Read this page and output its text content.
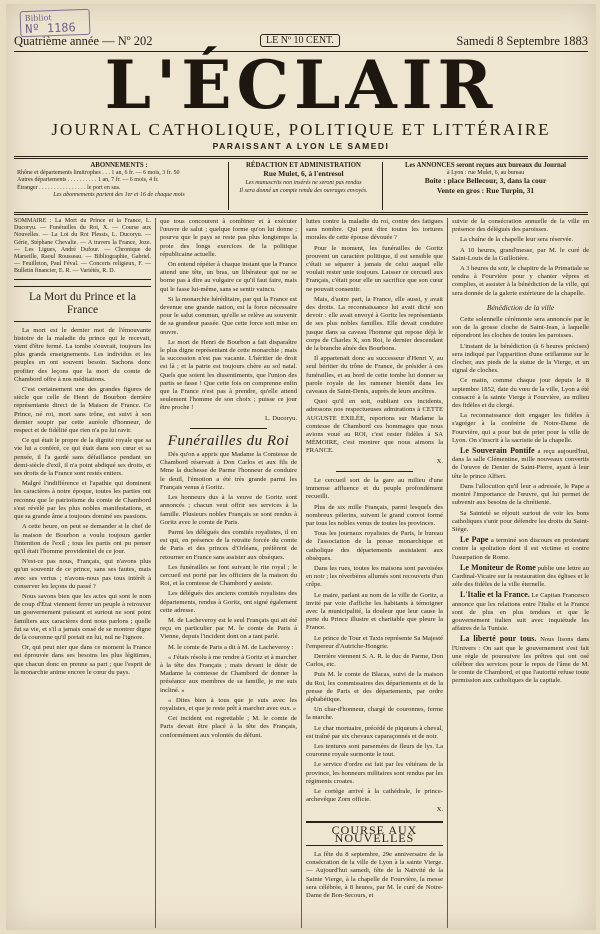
Bibliot
Nº 1186
Quatrième année — Nº 202	LE Nº 10 CENT.	Samedi 8 Septembre 1883
L'ÉCLAIR
JOURNAL CATHOLIQUE, POLITIQUE ET LITTÉRAIRE
PARAISSANT A LYON LE SAMEDI
ABONNEMENTS :
Rhône et départements limitrophes . . . 1 an, 6 fr. — 6 mois, 3 fr. 50
Autres départements . . . . . . . . . . 1 an, 7 fr. — 6 mois, 4 fr.
Étranger . . . . . . . . . . . . . . . . le port en sus.
Les abonnements partent des 1er et 16 de chaque mois
RÉDACTION ET ADMINISTRATION
Rue Mulet, 6, à l'entresol
Les manuscrits non insérés ne seront pas rendus
Il sera donné un compte rendu des ouvrages envoyés.
Les ANNONCES seront reçues aux bureaux du Journal
à Lyon : rue Mulet, 6, au bureau
Boite : place Bellecour, 3, dans la cour
Vente en gros : Rue Turpin, 31
SOMMAIRE : La Mort du Prince et la France, L. Ducoryu. — Funérailles du Roi, X. — Course aux Nouvelles. — La Loi du Roi Plessis, L. Ducoryu. — Gérie, Stéphane Chevalie. — A travers la France, Joze. — Les Ligues, André Dufour. — Chronique de Marseille, Raoul Rousseau. — Bibliographie, Gabriel. — Feuilleton, Paul Féval. — Concerts religieux, F. — Bulletin financier, E. R. — Variétés, R. D.
La Mort du Prince et la France

La mort est le dernier mot de l'émouvante histoire de la maladie du prince qui le recevait, vient d'être fermé. La tombe s'ouvrait, toujours les plus grands enseignements. Les individus et les peuples en ont souvent besoin. Sachons donc profiter des leçons que la mort du comte de Chambord offre à nos méditations.

C'est certainement une des grandes figures de siècle que celle de Henri de Bourbon derrière représentante direct de la Maison de France. Ce Prince, né roi, mort sans trône, est suivi à son dernier soupir par cette auréole d'honneur, de respect et de fidélité que rien n'a pu lui ravir.

Ce qui était le propre de la dignité royale que sa vie lui a conféré, ce qui était dans son cœur et sa pensée, il l'a gardé sans défaillance pendant un demi-siècle d'exil, il n'a point abdiqué ses droits, et ses droits de la France sont restés entiers.

Malgré l'indifférence et l'apathie qui dominent les caractères à notre époque, toutes les parties ont reconnu que le patriotisme du comte de Chambord s'est révélé par les plus nobles manifestations, et que sa grande âme a toujours dominé ses passions.

A cette heure, on peut se demander si le chef de la maison de Bourbon a voulu toujours garder l'intention de l'exil ; tous les partis ont pu penser qu'il était l'homme providentiel de ce jour.

N'est-ce pas nous, Français, qui n'avons plus qu'un souvenir de ce prince, sans ses fautes, mais avec ses vertus ; n'avons-nous pas tous intérêt à conserver les leçons du passé ?

Nous savons bien que les actes qui sont le nom de coup d'État viennent ferrer un peuple à retrouver un gouvernement puissant et surtout ne sont point familiers aux caractères dont nous parlons ; quelle fut sa vie, et s'il a jamais cessé de se montrer digne de la couronne qu'il portait en lui, nul ne l'ignore.

Or, qui peut nier que dans ce moment la France est éprouvée dans ses besoins les plus légitimes, que chacun donc en prenne sa part ; que l'esprit de la monarchie anime encore le cœur du pays.

que tous concourent à combiner et à exécuter l'œuvre de salut ; quelque forme qu'on lui donne ; pourvu que le pays se reste pas plus longtemps la proie des longs exercices de la politique républicaine actuelle.

On entend répéter à chaque instant que la France attend une tête, un bras, un libérateur qui ne se borne pas à dire au vulgaire ce qu'il faut faire, mais qui le fasse lui-même, sans se sentir vaincu.

Si la monarchie héréditaire, par qui la France est devenue une grande nation, est la force nécessaire pour le salut commun, qu'elle se relève au souvenir de sa grandeur passée. Que cette force soit mise en œuvre.

Le mort de Henri de Bourbon a fait disparaître le plus digne représentant de cette monarchie ; mais la succession n'est pas vacante. L'héritier de droit est là ; et la patrie est toujours chère au sol natal. Quels que soient les dissentiments, que l'union des partis se fasse ! Que cette fois on comprenne enfin que la France n'est pas à prendre, qu'elle attend seulement l'homme de son choix ; puisse ce jour être proche !

L. Ducoryu.
Funérailles du Roi

Dès qu'on a appris que Madame la Comtesse de Chambord réservait à Don Carlos et aux fils de Mme la duchesse de Parme l'honneur de conduire le deuil, l'émotion a été très grande parmi les Français venus à Goritz.

Les honneurs dus à la veuve de Goritz sont annoncés ; chacun veut offrir ses services à la famille. Plusieurs nobles Français se sont rendus à Goritz avec le comte de Paris.

Parmi les délégués des comités royalistes, il en est qui, en présence de la retraite forcée du comte de Paris et des princes d'Orléans, préfèrent de retourner en France sans assister aux obsèques.

Les funérailles se font suivant le rite royal ; le cercueil est porté par les officiers de la maison du Roi, et la comtesse de Chambord y assiste.

Les délégués des anciens comités royalistes des départements, rendus à Goritz, ont signé également cette adresse.

M. de Lacheveroy est le seul Français qui ait été reçu en particulier par M. le comte de Paris à Vienne, depuis l'incident dont on a tant parlé.

M. le comte de Paris a dit à M. de Lacheveroy :

« J'étais résolu à me rendre à Goritz et à marcher à la tête des Français ; mais devant le désir de Madame la comtesse de Chambord de donner la préséance aux membres de sa famille, je me suis incliné. »

« Dites bien à tous que je suis avec les royalistes, et que je reste prêt à marcher avec eux. »

Cet incident est regrettable ; M. le comte de Paris devait être placé à la tête des Français, conformément aux volontés du défunt.

luttes contre la maladie du roi, contre des fatigues sans nombre. Qui peut dire toutes les tortures morales de cette épouse dévouée ?

Pour le moment, les funérailles de Goritz prouvent un caractère politique, il est sensible que c'était se séparer à jamais de celui auquel elle voulait rester unie toujours. Laisser ce cercueil aux Français, c'était pour elle un sacrifice que son cœur ne pouvait consentir.

Mais, d'autre part, la France, elle aussi, y avait des droits. La reconnaissance lui avait dicté son devoir : elle avait envoyé à Goritz les représentants de ses plus nobles familles. Elle devait conduire jusque dans sa caveau l'homme qui repose déjà le corps de Charles X, son Roi, le dernier descendant de la branche aînée des Bourbons.

Il appartenait donc au successeur d'Henri V, au seul héritier du trône de France, de présider à ces funérailles, et au bord de cette tombe lui donner sa parole royale de les ramener bientôt dans les caveaux de Saint-Denis, auprès de leurs ancêtres.

Quoi qu'il en soit, oubliant ces incidents, adressons nos respectueuses admirations à CETTE AUGUSTE EXILÉE, reportons sur Madame la comtesse de Chambord ces hommages que nous avions voué au ROI, c'est rester fidèles à SA MÉMOIRE, c'est montrer que nous aimons la FRANCE.

X.

Le cercueil sort de la gare au milieu d'une immense affluence et du peuple profondément recueilli.

Plus de six mille Français, parmi lesquels des nombreux pèlerins, suivent le grand convoi formé par tous les nobles venus de toutes les provinces.

Tous les journaux royalistes de Paris, le bureau de l'association de la presse monarchique et catholique des départements assistaient aux obsèques.

Dans les rues, toutes les maisons sont pavoisées en noir ; les réverbères allumés sont recouverts d'un crêpe.

Le maire, parlant au nom de la ville de Goritz, a invité par voie d'affiche les habitants à témoigner avec la municipalité, la douleur que leur cause la perte du Prince illustre et charitable que pleure la France.

Le prince de Tour et Taxis représente Sa Majesté l'empereur d'Autriche-Hongrie.

Derrière viennent S. A. R. le duc de Parme, Don Carlos, etc.

Puis M. le comte de Blacas, suivi de la maison du Roi, les commissaires des départements et de la presse de Paris et des départements, par ordre alphabétique.

Un char-d'honneur, chargé de couronnes, ferme la marche.

Le char mortuaire, précédé de piqueurs à cheval, est traîné par six chevaux caparaçonnés et de noir.

Les tentures sont parsemées de fleurs de lys. La couronne royale surmonte le tout.

Le service d'ordre est fait par les vétérans de la province, les honneurs militaires sont rendus par les régiments croates.

Le cortège arrivé à la cathédrale, le prince-archevêque Zorn officie.

X.
COURSE AUX NOUVELLES

La fête du 8 septembre, 29e anniversaire de la consécration de la ville de Lyon à la sainte Vierge. — Aujourd'hui samedi, fête de la Nativité de la Sainte Vierge, à la chapelle de Fourvière, la messe sera célébrée, à 8 heures, par M. le curé de Notre-Dame de Bon-Secours, et

suivie de la consécration annuelle de la ville en présence des délégués des paroisses.

La chaîne de la chapelle leur sera réservée.

A 10 heures, grand'messe, par M. le curé de Saint-Louis de la Guillotière.

A 3 heures du soir, le chapitre de la Primatiale se rendra à Fourvière pour y chanter vêpres et complies, et assister à la bénédiction de la ville, qui sera donnée de la galerie extérieure de la chapelle.

Bénédiction de la ville

Cette solennelle cérémonie sera annoncée par le son de la grosse cloche de Saint-Jean, à laquelle répondront les cloches de toutes les paroisses.

L'instant de la bénédiction (à 6 heures précises) sera indiqué par l'apparition d'une oriflamme sur le clocher, aux pieds de la statue de la Vierge, et un signal de cloches.

Ce matin, comme chaque jour depuis le 8 septembre 1852, date du vœu de la ville, Lyon a été consacré à la sainte Vierge à Fourvière, au milieu des fidèles et du clergé.

La reconnaissance doit engager les fidèles à s'agréger à la confrérie de Notre-Dame de Fourvière, qui a pour but de prier pour la ville de Lyon. On s'inscrit à la sacristie de la chapelle.

Le Souverain Pontife a reçu aujourd'hui, dans la salle Clémentine, mille nouveaux convertis de l'œuvre de Denier de Saint-Pierre, ayant à leur tête le prince Alfieri.

Dans l'allocution qu'il leur a adressée, le Pape a montré l'importance de l'œuvre, qui lui permet de subvenir aux besoins de la chrétienté.

Sa Sainteté se réjouit surtout de voir les bons catholiques s'unir pour défendre les droits du Saint-Siège.

Le Pape a terminé son discours en protestant contre la spoliation dont il est victime et contre l'usurpation de Rome.

Le Moniteur de Rome publie une lettre au Cardinal-Vicaire sur la restauration des églises et le zèle des fidèles de la ville éternelle.

L'Italie et la France. Le Capitan Francesco annonce que les relations entre l'Italie et la France sont de plus en plus tendues et que le gouvernement italien suit avec inquiétude les affaires de la Tunisie.

La liberté pour tous. Nous lisons dans l'Univers : On sait que le gouvernement s'est fait une règle de poursuivre les prêtres qui ont osé célébrer des services pour le repos de l'âme de M. le comte de Chambord, et que l'autorité refuse toute permission aux catholiques de la capitale.
